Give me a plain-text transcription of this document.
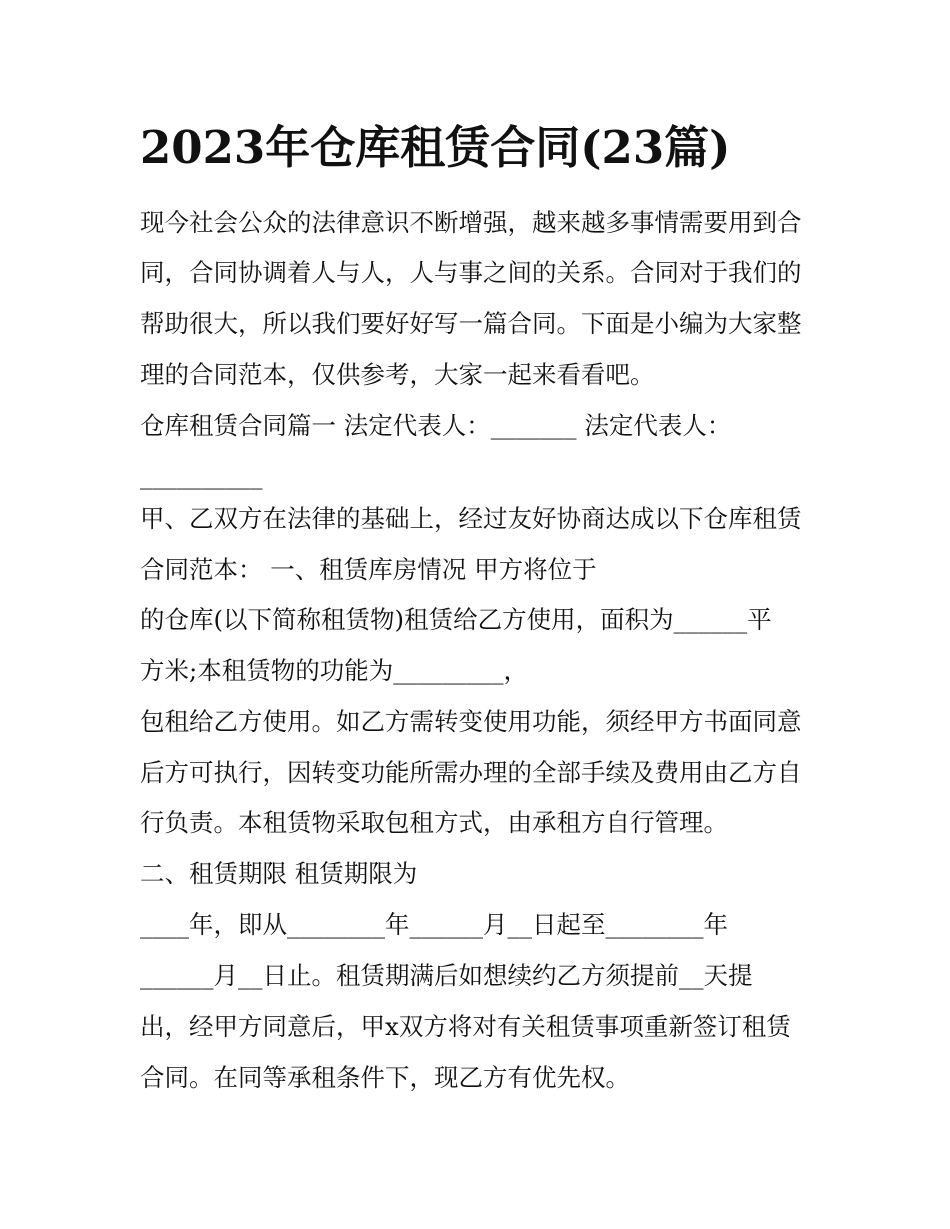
2023年仓库租赁合同(23篇)

现今社会公众的法律意识不断增强，越来越多事情需要用到合

同，合同协调着人与人，人与事之间的关系。合同对于我们的

帮助很大，所以我们要好好写一篇合同。下面是小编为大家整

理的合同范本，仅供参考，大家一起来看看吧。

仓库租赁合同篇一 法定代表人：_______ 法定代表人：

__________

甲、乙双方在法律的基础上，经过友好协商达成以下仓库租赁

合同范本： 一、租赁库房情况 甲方将位于

的仓库(以下简称租赁物)租赁给乙方使用，面积为______平

方米;本租赁物的功能为_________，

包租给乙方使用。如乙方需转变使用功能，须经甲方书面同意

后方可执行，因转变功能所需办理的全部手续及费用由乙方自

行负责。本租赁物采取包租方式，由承租方自行管理。

二、租赁期限 租赁期限为

____年，即从________年______月__日起至________年

______月__日止。租赁期满后如想续约乙方须提前__天提

出，经甲方同意后，甲x双方将对有关租赁事项重新签订租赁

合同。在同等承租条件下，现乙方有优先权。
